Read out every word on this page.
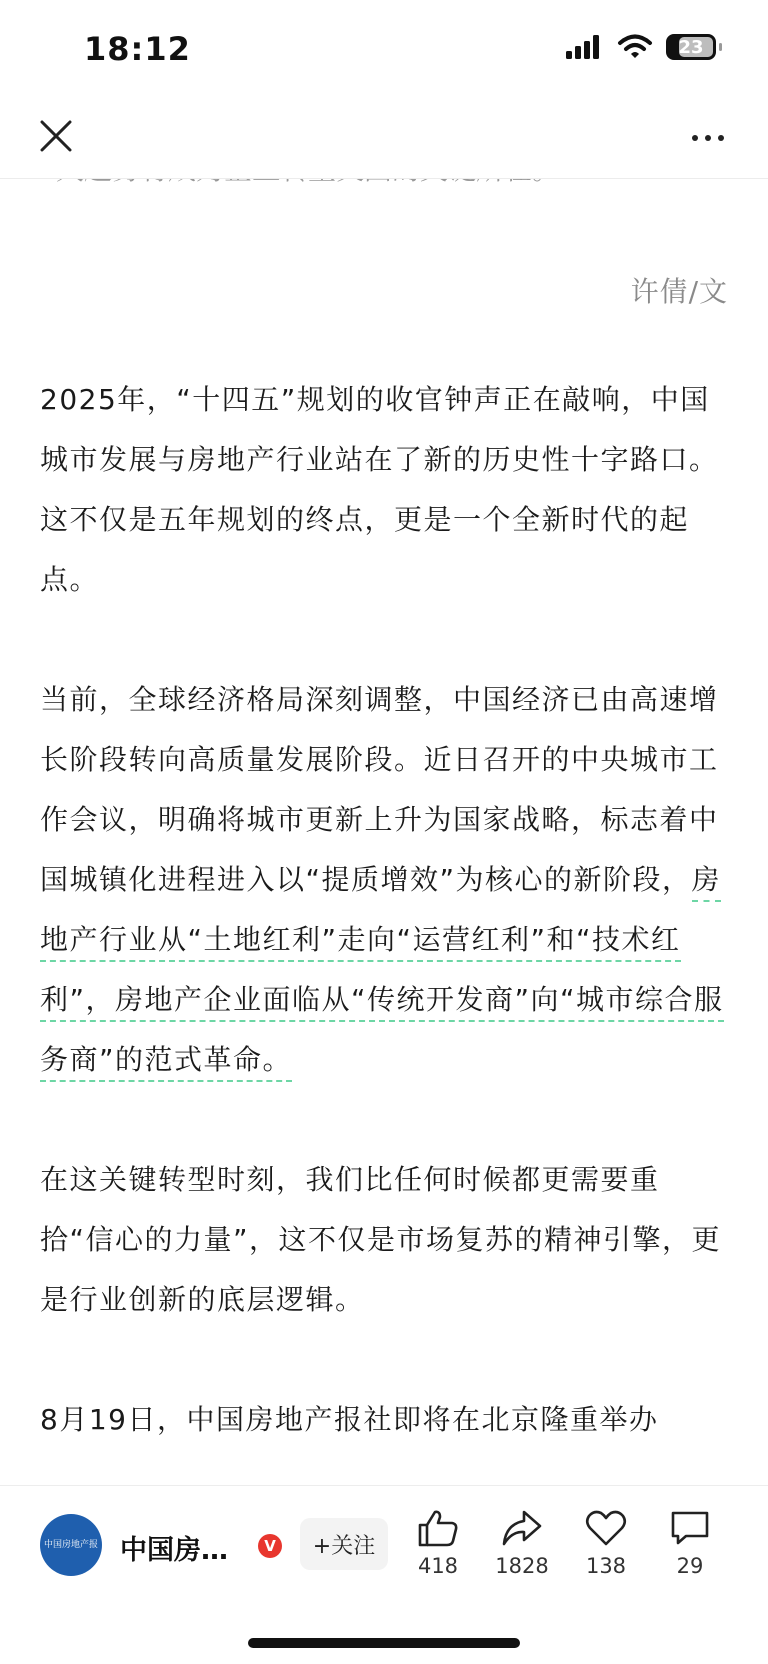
18:12	23
许倩/文

2025年，“十四五”规划的收官钟声正在敲响，中国城市发展与房地产行业站在了新的历史性十字路口。这不仅是五年规划的终点，更是一个全新时代的起点。

当前，全球经济格局深刻调整，中国经济已由高速增长阶段转向高质量发展阶段。近日召开的中央城市工作会议，明确将城市更新上升为国家战略，标志着中国城镇化进程进入以“提质增效”为核心的新阶段，房地产行业从“土地红利”走向“运营红利”和“技术红利”，房地产企业面临从“传统开发商”向“城市综合服务商”的范式革命。

在这关键转型时刻，我们比任何时候都更需要重拾“信心的力量”，这不仅是市场复苏的精神引擎，更是行业创新的底层逻辑。

8月19日，中国房地产报社即将在北京隆重举办

中国房地产报 中国房…	V	+关注
418	1828	138	29
